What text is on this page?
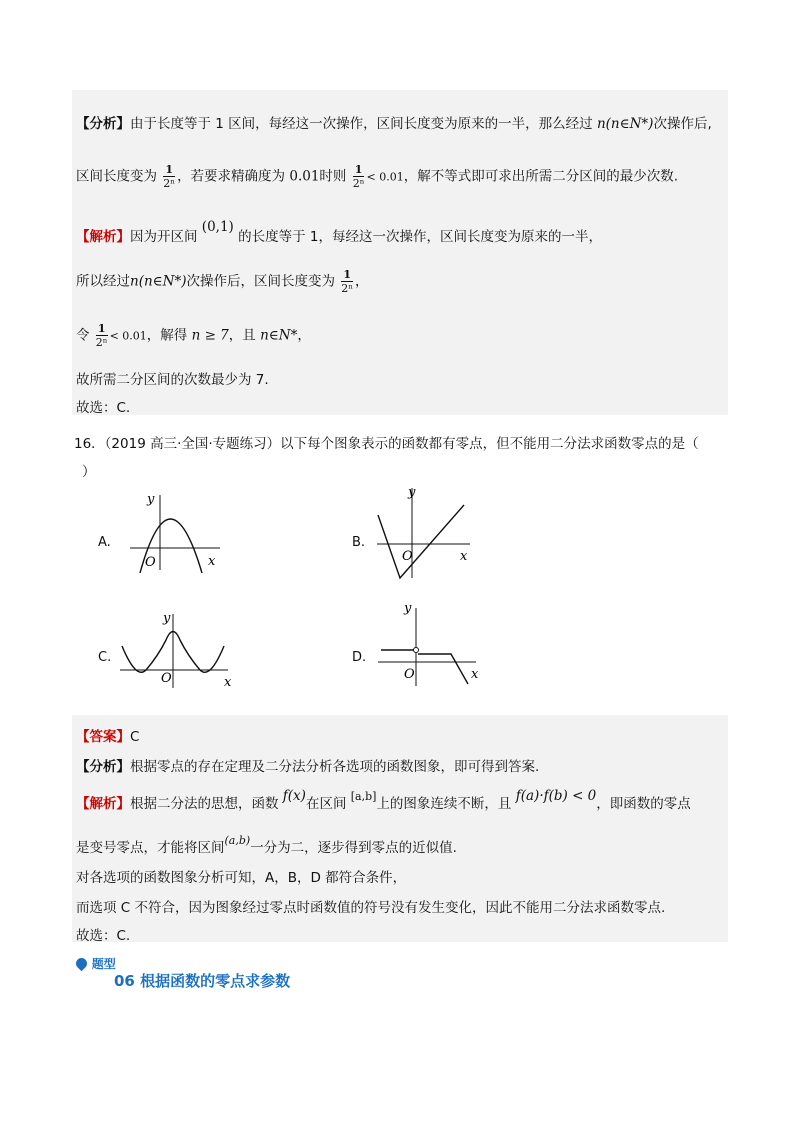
【分析】由于长度等于 1 区间，每经这一次操作，区间长度变为原来的一半，那么经过 n(n∈N*)次操作后,
区间长度变为 $\frac{1}{\text{2ⁿ}}$ ，若要求精确度为 0.01时则 $\frac{1}{\text{2ⁿ}} < 0.01$，解不等式即可求出所需二分区间的最少次数.
【解析】因为开区间 (0,1) 的长度等于 1，每经这一次操作，区间长度变为原来的一半，
所以经过n(n∈N*)次操作后，区间长度变为 $\frac{1}{\text{2ⁿ}}$ ，
令 $\frac{1}{\text{2ⁿ}} < 0.01$，解得 n ≥ 7，且 n∈N*，
故所需二分区间的次数最少为 7.
故选：C.
16．（2019 高三·全国·专题练习）以下每个图象表示的函数都有零点，但不能用二分法求函数零点的是（
）
A.	B.
C.	D.
y
x
O
y
x
O
y
x
O
y
x
O
【答案】C
【分析】根据零点的存在定理及二分法分析各选项的函数图象，即可得到答案.
【解析】根据二分法的思想，函数 f(x)在区间 [a,b]上的图象连续不断，且 f(a)·f(b) < 0，即函数的零点
是变号零点，才能将区间$^{(a,b)}$一分为二，逐步得到零点的近似值.
对各选项的函数图象分析可知，A，B，D 都符合条件，
而选项 C 不符合，因为图象经过零点时函数值的符号没有发生变化，因此不能用二分法求函数零点.
故选：C.
题型
06 根据函数的零点求参数
